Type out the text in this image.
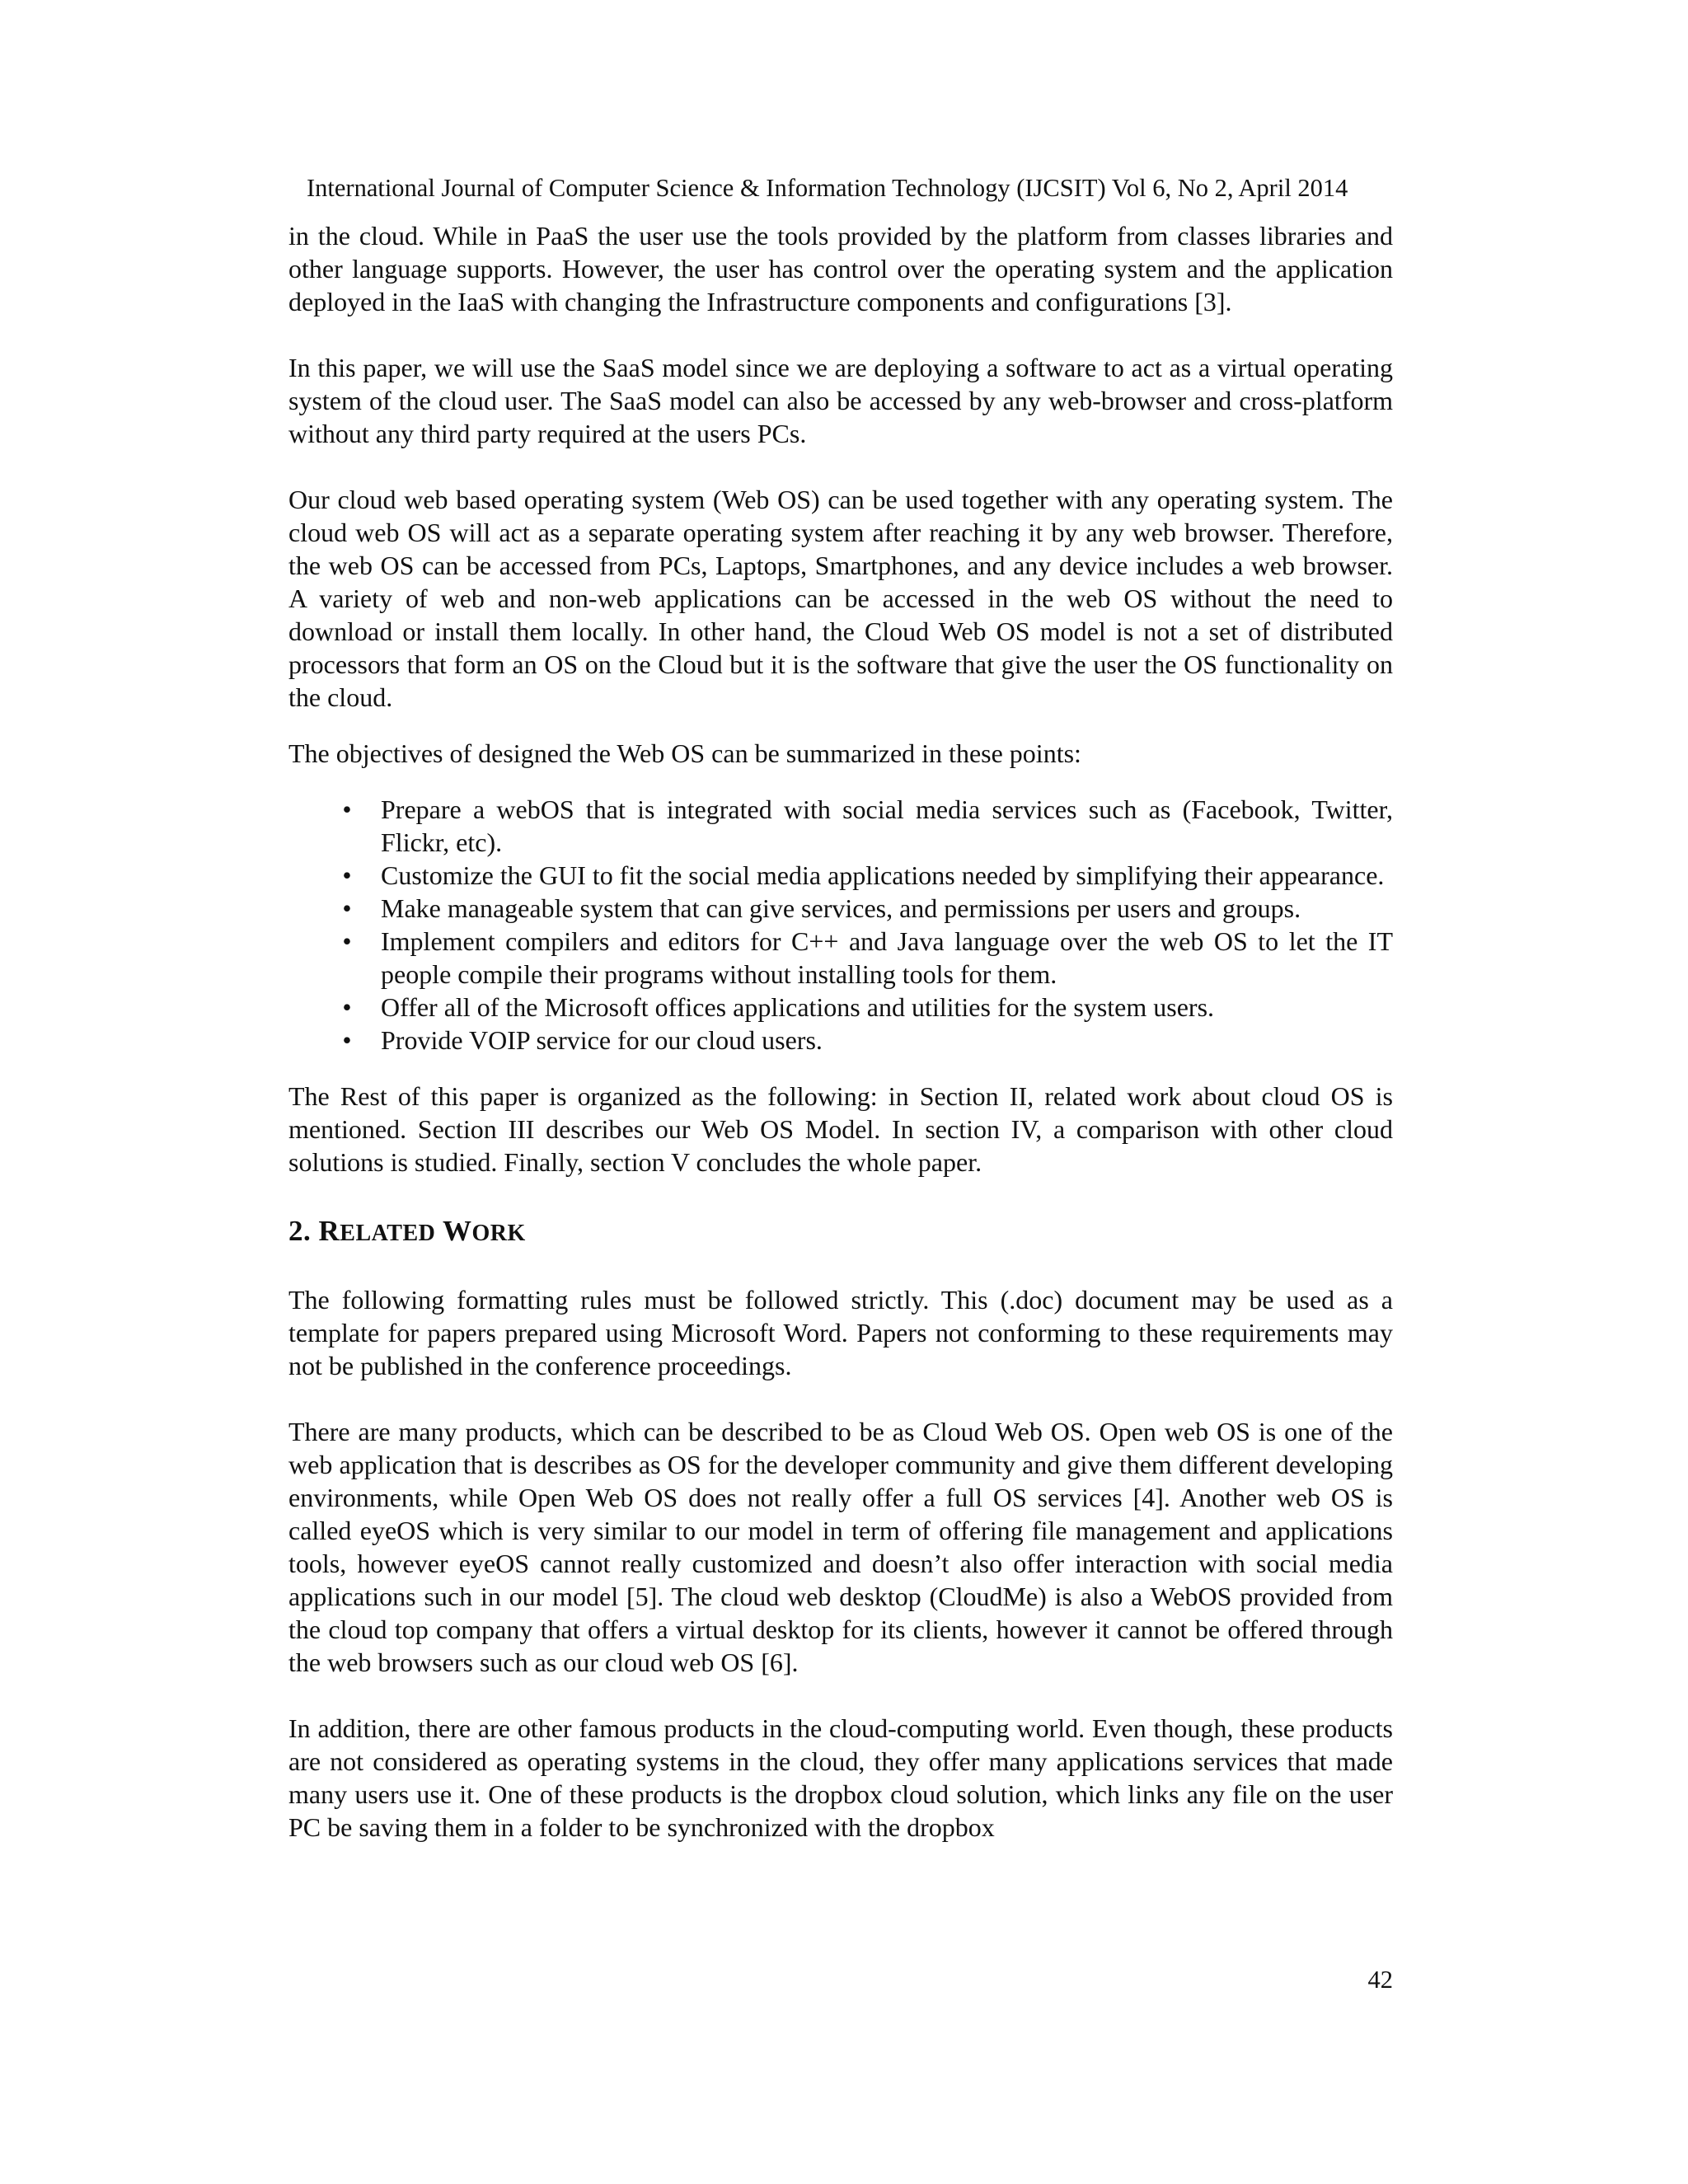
International Journal of Computer Science & Information Technology (IJCSIT) Vol 6, No 2, April 2014

in the cloud. While in PaaS the user use the tools provided by the platform from classes libraries and other language supports. However, the user has control over the operating system and the application deployed in the IaaS with changing the Infrastructure components and configurations [3].

In this paper, we will use the SaaS model since we are deploying a software to act as a virtual operating system of the cloud user. The SaaS model can also be accessed by any web-browser and cross-platform without any third party required at the users PCs.

Our cloud web based operating system (Web OS) can be used together with any operating system. The cloud web OS will act as a separate operating system after reaching it by any web browser. Therefore, the web OS can be accessed from PCs, Laptops, Smartphones, and any device includes a web browser. A variety of web and non-web applications can be accessed in the web OS without the need to download or install them locally. In other hand, the Cloud Web OS model is not a set of distributed processors that form an OS on the Cloud but it is the software that give the user the OS functionality on the cloud.

The objectives of designed the Web OS can be summarized in these points:

• Prepare a webOS that is integrated with social media services such as (Facebook, Twitter, Flickr, etc).
• Customize the GUI to fit the social media applications needed by simplifying their appearance.
• Make manageable system that can give services, and permissions per users and groups.
• Implement compilers and editors for C++ and Java language over the web OS to let the IT people compile their programs without installing tools for them.
• Offer all of the Microsoft offices applications and utilities for the system users.
• Provide VOIP service for our cloud users.

The Rest of this paper is organized as the following: in Section II, related work about cloud OS is mentioned. Section III describes our Web OS Model. In section IV, a comparison with other cloud solutions is studied. Finally, section V concludes the whole paper.

2. RELATED WORK

The following formatting rules must be followed strictly. This (.doc) document may be used as a template for papers prepared using Microsoft Word. Papers not conforming to these requirements may not be published in the conference proceedings.

There are many products, which can be described to be as Cloud Web OS. Open web OS is one of the web application that is describes as OS for the developer community and give them different developing environments, while Open Web OS does not really offer a full OS services [4]. Another web OS is called eyeOS which is very similar to our model in term of offering file management and applications tools, however eyeOS cannot really customized and doesn’t also offer interaction with social media applications such in our model [5]. The cloud web desktop (CloudMe) is also a WebOS provided from the cloud top company that offers a virtual desktop for its clients, however it cannot be offered through the web browsers such as our cloud web OS [6].

In addition, there are other famous products in the cloud-computing world. Even though, these products are not considered as operating systems in the cloud, they offer many applications services that made many users use it. One of these products is the dropbox cloud solution, which links any file on the user PC be saving them in a folder to be synchronized with the dropbox

42
